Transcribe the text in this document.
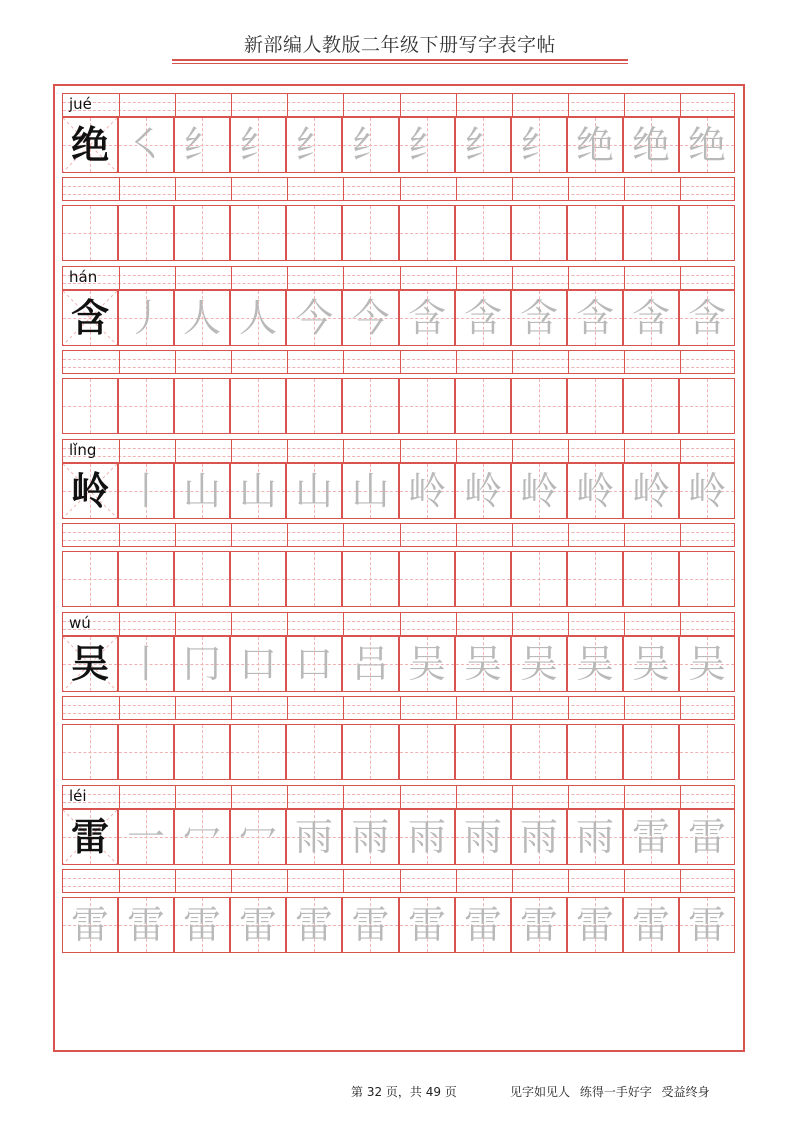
新部编人教版二年级下册写字表字帖
jué
绝 ㇛ 纟 纟 纟 纟 纟 纟 纟 绝 绝 绝
hán
含 丿 人 人 今 今 含 含 含 含 含 含
lǐng
岭 丨 山 山 山 山 岭 岭 岭 岭 岭 岭
wú
吴 丨 冂 口 口 吕 吴 吴 吴 吴 吴 吴
léi
雷 一 冖 冖 雨 雨 雨 雨 雨 雨 雷 雷
雷 雷 雷 雷 雷 雷 雷 雷 雷 雷 雷 雷
第 32 页，共 49 页	见字如见人 练得一手好字 受益终身
